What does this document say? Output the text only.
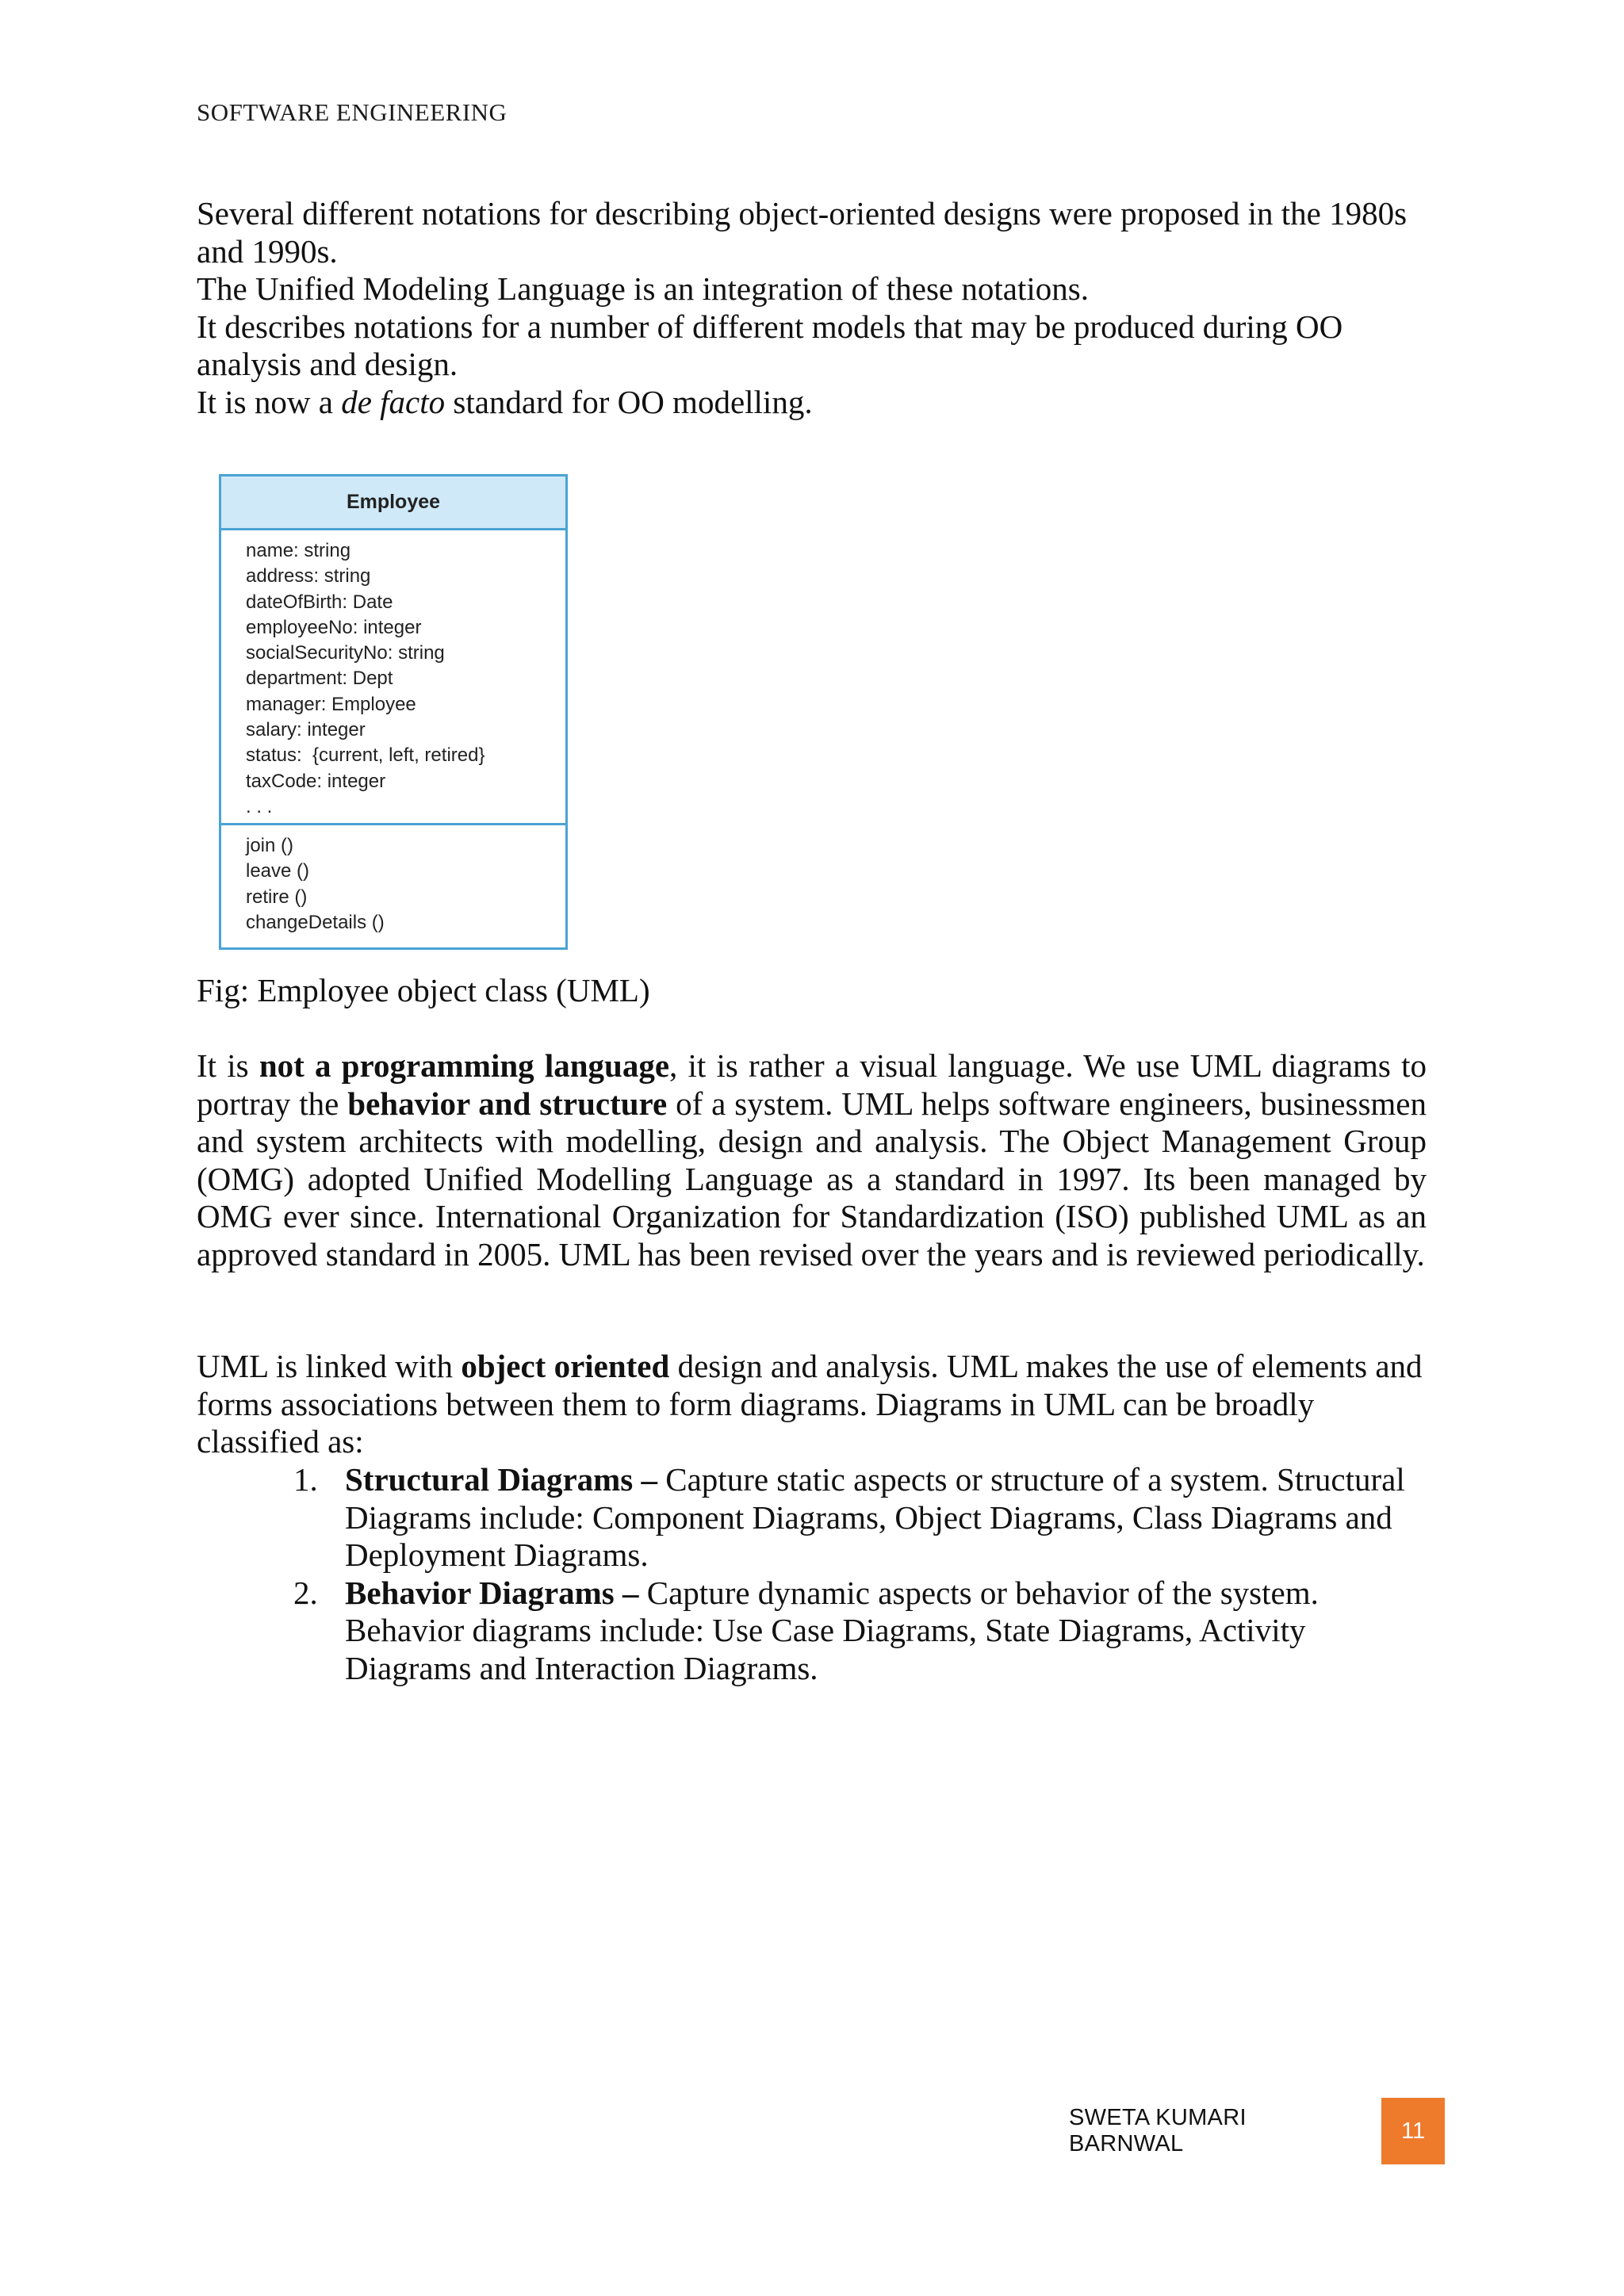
SOFTWARE ENGINEERING

Several different notations for describing object-oriented designs were proposed in the 1980s and 1990s.

The Unified Modeling Language is an integration of these notations.

It describes notations for a number of different models that may be produced during OO analysis and design.

It is now a de facto standard for OO modelling.

Employee
name: string
address: string
dateOfBirth: Date
employeeNo: integer
socialSecurityNo: string
department: Dept
manager: Employee
salary: integer
status:  {current, left, retired}
taxCode: integer
. . .
join ()
leave ()
retire ()
changeDetails ()
Fig: Employee object class (UML)

It is not a programming language, it is rather a visual language. We use UML diagrams to portray the behavior and structure of a system. UML helps software engineers, businessmen and system architects with modelling, design and analysis. The Object Management Group (OMG) adopted Unified Modelling Language as a standard in 1997. Its been managed by OMG ever since. International Organization for Standardization (ISO) published UML as an approved standard in 2005. UML has been revised over the years and is reviewed periodically.

UML is linked with object oriented design and analysis. UML makes the use of elements and forms associations between them to form diagrams. Diagrams in UML can be broadly classified as:

1. Structural Diagrams – Capture static aspects or structure of a system. Structural Diagrams include: Component Diagrams, Object Diagrams, Class Diagrams and Deployment Diagrams.
2. Behavior Diagrams – Capture dynamic aspects or behavior of the system. Behavior diagrams include: Use Case Diagrams, State Diagrams, Activity Diagrams and Interaction Diagrams.
SWETA KUMARI BARNWAL
11
